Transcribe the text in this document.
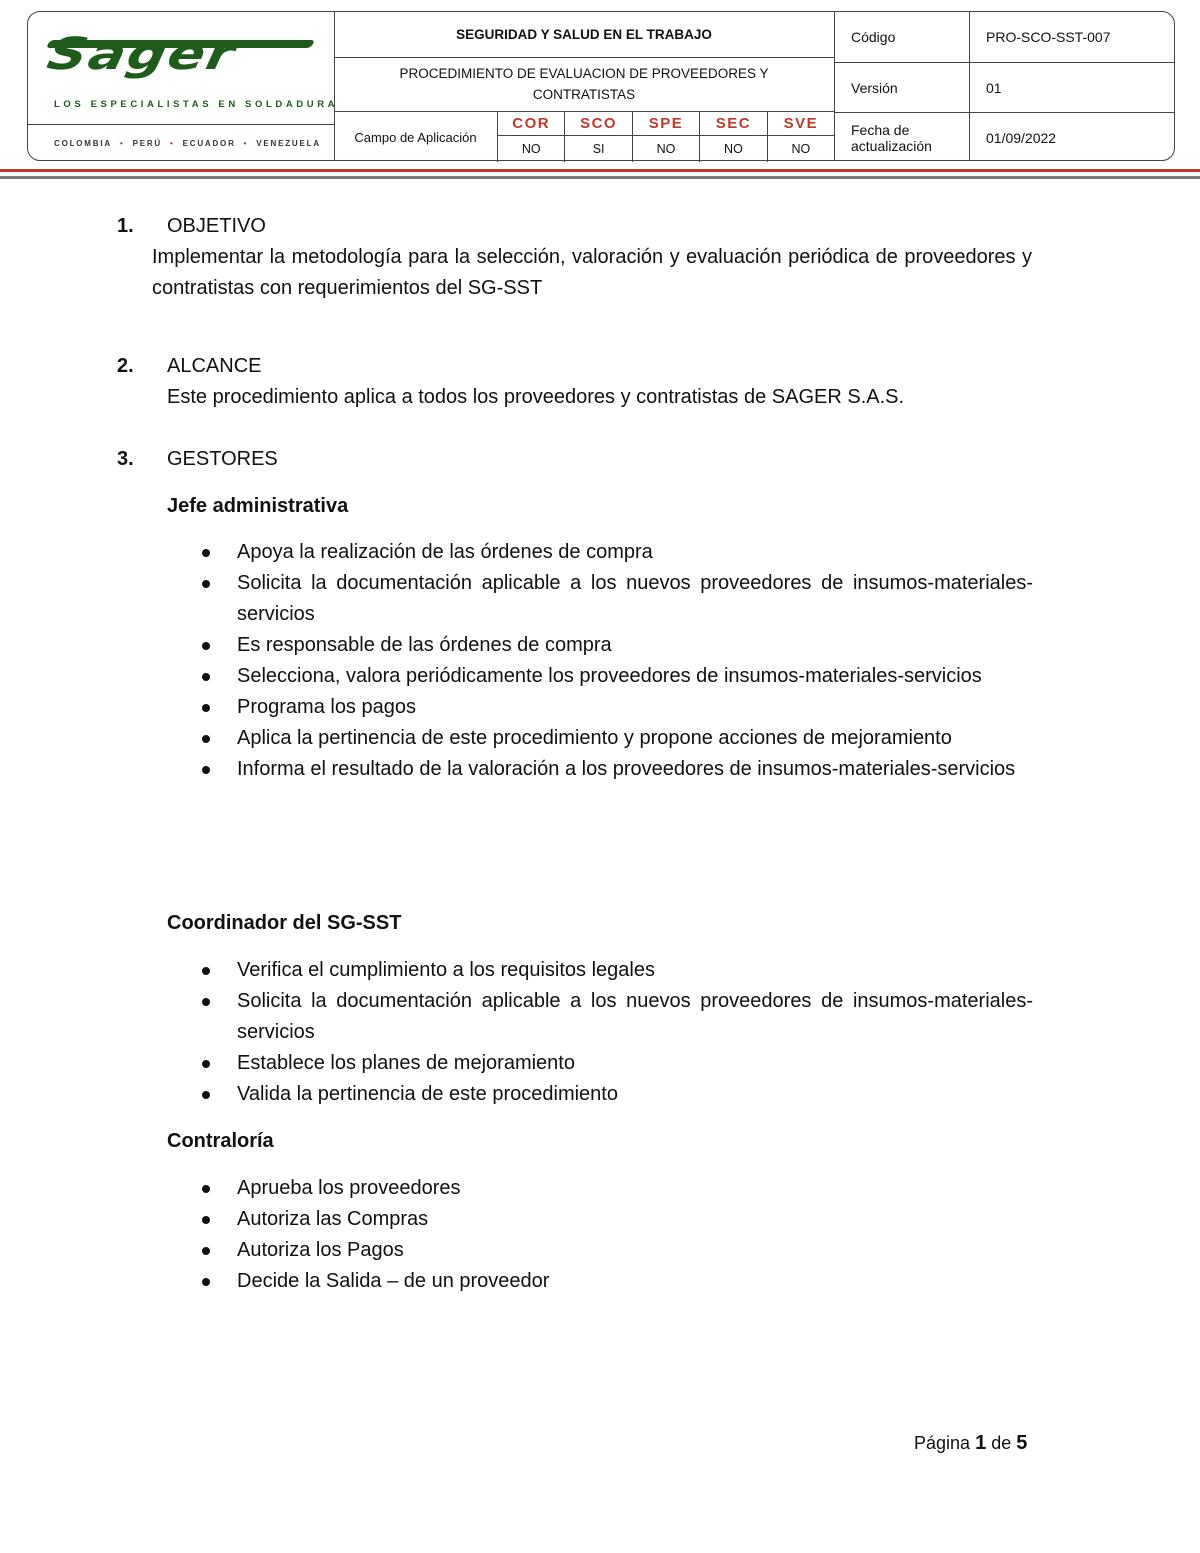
Sager
LOS ESPECIALISTAS EN SOLDADURA
COLOMBIA • PERÚ • ECUADOR • VENEZUELA
SEGURIDAD Y SALUD EN EL TRABAJO
PROCEDIMIENTO DE EVALUACION DE PROVEEDORES Y CONTRATISTAS
Campo de Aplicación
COR
NO
SCO
SI
SPE
NO
SEC
NO
SVE
NO
Código
Versión
Fecha de
actualización
PRO-SCO-SST-007
01
01/09/2022
1. OBJETIVO
Implementar la metodología para la selección, valoración y evaluación periódica de proveedores y contratistas con requerimientos del SG-SST
2. ALCANCE
Este procedimiento aplica a todos los proveedores y contratistas de SAGER S.A.S.
3. GESTORES
Jefe administrativa
Apoya la realización de las órdenes de compra
Solicita la documentación aplicable a los nuevos proveedores de insumos-materiales- servicios
Es responsable de las órdenes de compra
Selecciona, valora periódicamente los proveedores de insumos-materiales-servicios
Programa los pagos
Aplica la pertinencia de este procedimiento y propone acciones de mejoramiento
Informa el resultado de la valoración a los proveedores de insumos-materiales-servicios
Coordinador del SG-SST
Verifica el cumplimiento a los requisitos legales
Solicita la documentación aplicable a los nuevos proveedores de insumos-materiales- servicios
Establece los planes de mejoramiento
Valida la pertinencia de este procedimiento
Contraloría
Aprueba los proveedores
Autoriza las Compras
Autoriza los Pagos
Decide la Salida – de un proveedor
Página 1 de 5
